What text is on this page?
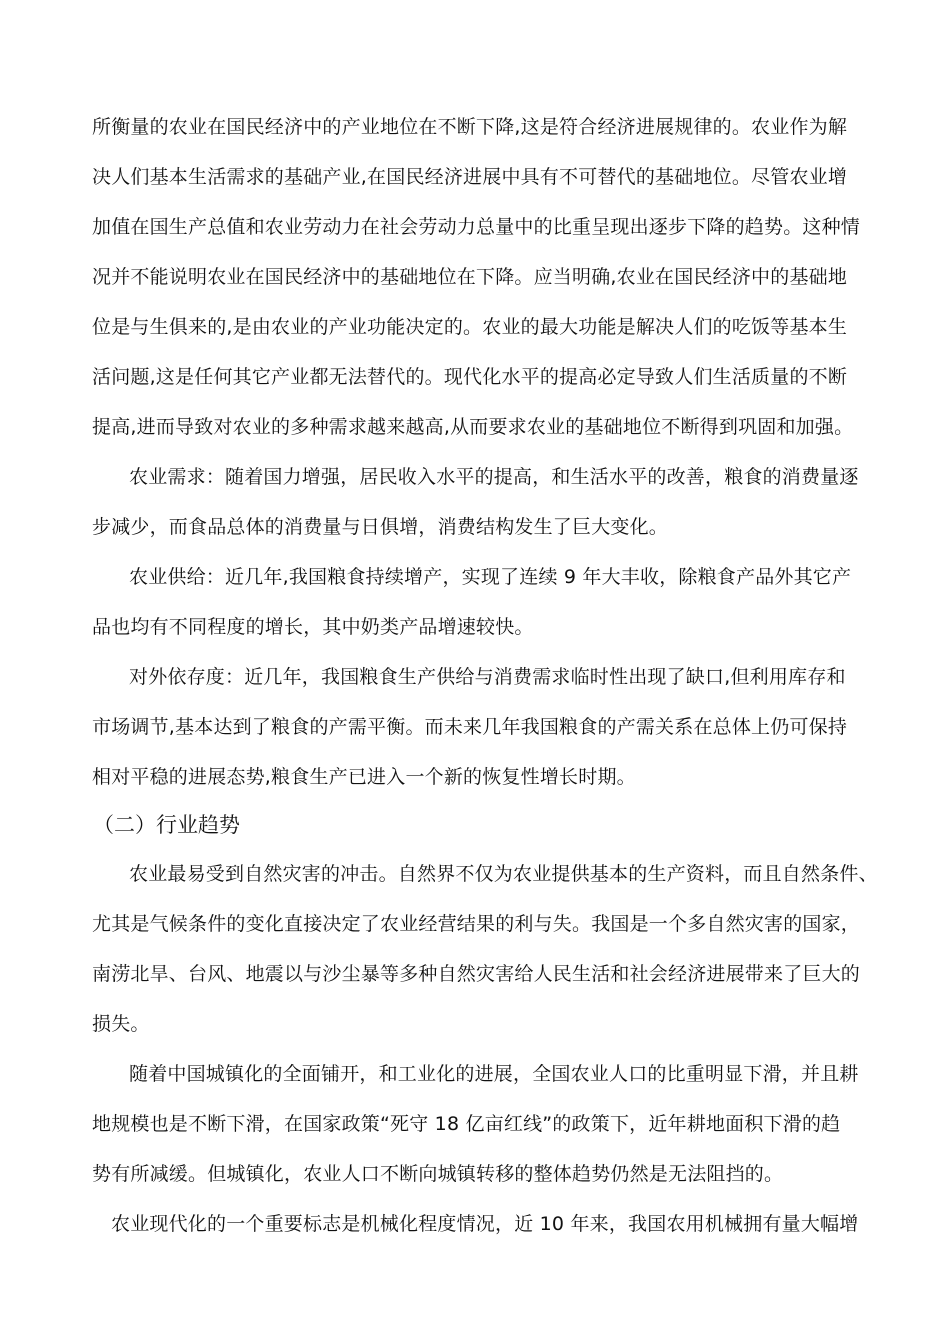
所衡量的农业在国民经济中的产业地位在不断下降,这是符合经济进展规律的。农业作为解
决人们基本生活需求的基础产业,在国民经济进展中具有不可替代的基础地位。尽管农业增
加值在国生产总值和农业劳动力在社会劳动力总量中的比重呈现出逐步下降的趋势。这种情
况并不能说明农业在国民经济中的基础地位在下降。应当明确,农业在国民经济中的基础地
位是与生俱来的,是由农业的产业功能决定的。农业的最大功能是解决人们的吃饭等基本生
活问题,这是任何其它产业都无法替代的。现代化水平的提高必定导致人们生活质量的不断
提高,进而导致对农业的多种需求越来越高,从而要求农业的基础地位不断得到巩固和加强。
农业需求：随着国力增强，居民收入水平的提高，和生活水平的改善，粮食的消费量逐
步减少，而食品总体的消费量与日俱增，消费结构发生了巨大变化。
农业供给：近几年,我国粮食持续增产，实现了连续 9 年大丰收，除粮食产品外其它产
品也均有不同程度的增长，其中奶类产品增速较快。
对外依存度：近几年，我国粮食生产供给与消费需求临时性出现了缺口,但利用库存和
市场调节,基本达到了粮食的产需平衡。而未来几年我国粮食的产需关系在总体上仍可保持
相对平稳的进展态势,粮食生产已进入一个新的恢复性增长时期。
（二）行业趋势
农业最易受到自然灾害的冲击。自然界不仅为农业提供基本的生产资料，而且自然条件、
尤其是气候条件的变化直接决定了农业经营结果的利与失。我国是一个多自然灾害的国家，
南涝北旱、台风、地震以与沙尘暴等多种自然灾害给人民生活和社会经济进展带来了巨大的
损失。
随着中国城镇化的全面铺开，和工业化的进展，全国农业人口的比重明显下滑，并且耕
地规模也是不断下滑，在国家政策“死守 18 亿亩红线”的政策下，近年耕地面积下滑的趋
势有所减缓。但城镇化，农业人口不断向城镇转移的整体趋势仍然是无法阻挡的。
农业现代化的一个重要标志是机械化程度情况，近 10 年来，我国农用机械拥有量大幅增
